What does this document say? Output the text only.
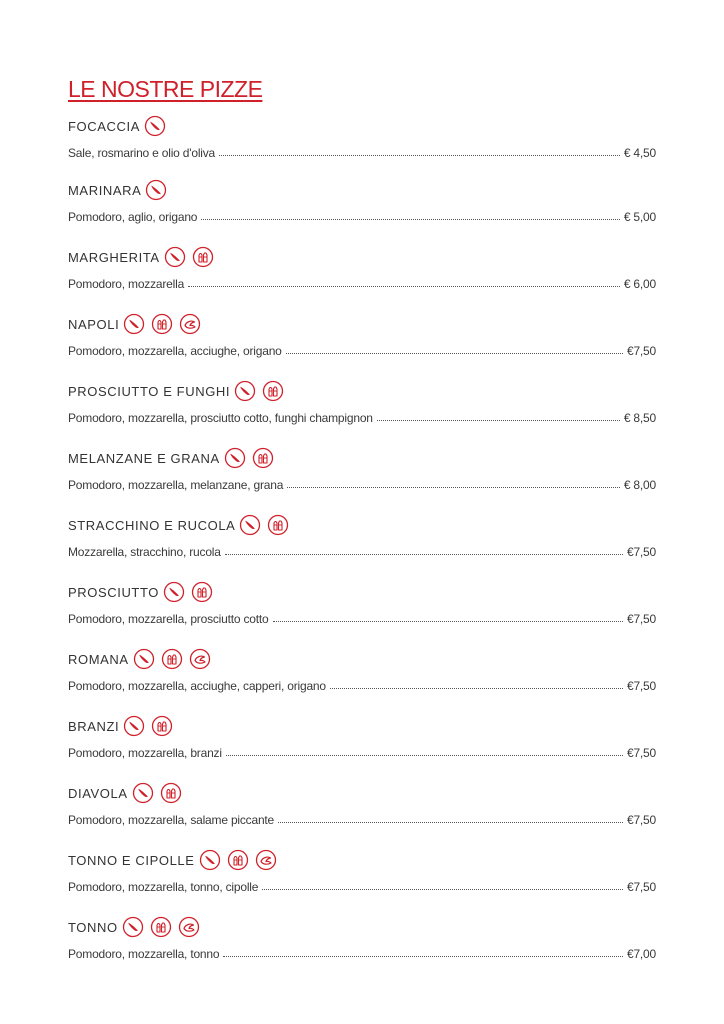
LE NOSTRE PIZZE
FOCACCIA
Sale, rosmarino e olio d'oliva	€ 4,50
MARINARA
Pomodoro, aglio, origano	€ 5,00
MARGHERITA
Pomodoro, mozzarella	€ 6,00
NAPOLI
Pomodoro, mozzarella, acciughe, origano	€7,50
PROSCIUTTO E FUNGHI
Pomodoro, mozzarella, prosciutto cotto, funghi champignon	€ 8,50
MELANZANE E GRANA
Pomodoro, mozzarella, melanzane, grana	€ 8,00
STRACCHINO E RUCOLA
Mozzarella, stracchino, rucola	€7,50
PROSCIUTTO
Pomodoro, mozzarella, prosciutto cotto	€7,50
ROMANA
Pomodoro, mozzarella, acciughe, capperi, origano	€7,50
BRANZI
Pomodoro, mozzarella, branzi	€7,50
DIAVOLA
Pomodoro, mozzarella, salame piccante	€7,50
TONNO E CIPOLLE
Pomodoro, mozzarella, tonno, cipolle	€7,50
TONNO
Pomodoro, mozzarella, tonno	€7,00
